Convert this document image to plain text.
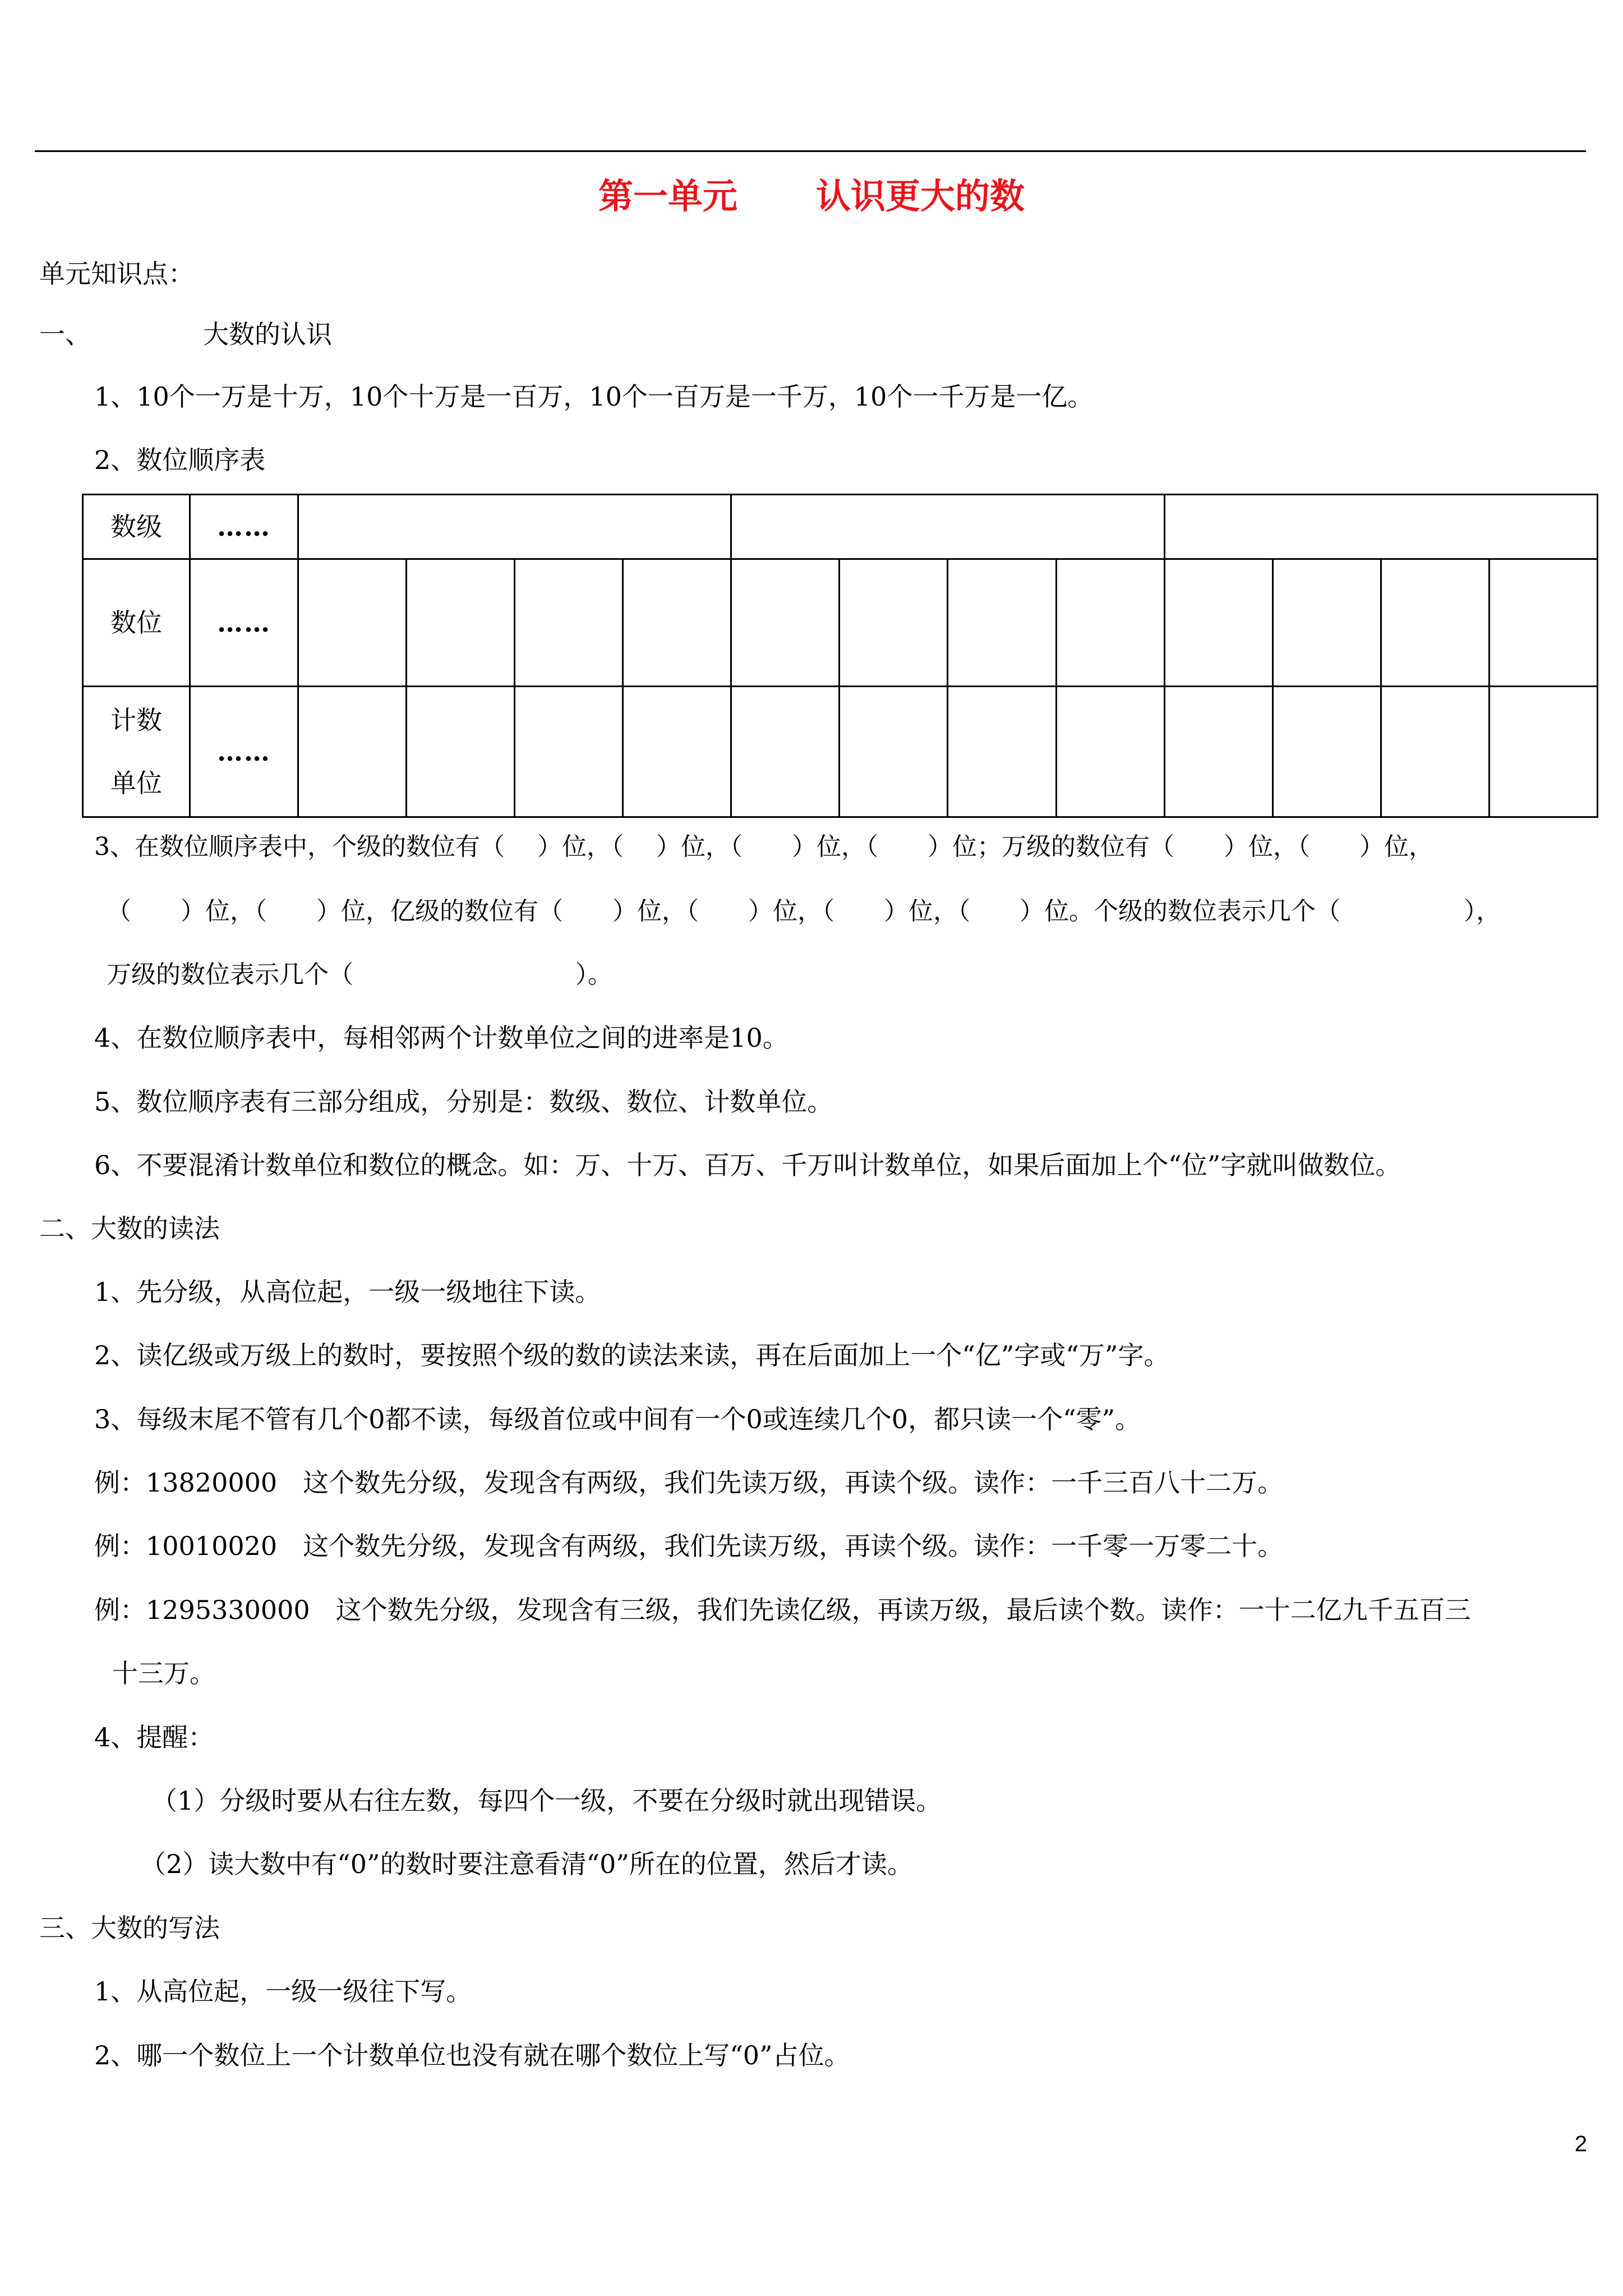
第一单元 认识更大的数
单元知识点：
一、	大数的认识
1、10个一万是十万，10个十万是一百万，10个一百万是一千万，10个一千万是一亿。
2、数位顺序表
数级	……												
数位	……												

计数
单位	……												
3、在数位顺序表中，个级的数位有（　 ）位，（　 ）位，（　　）位，（　　）位；万级的数位有（　　）位，（　　）位，
（　　）位，（　　）位，亿级的数位有（　　）位，（　　）位，（　　）位，（　　）位。个级的数位表示几个（　　　　　），
万级的数位表示几个（　　　　　　　　　）。
4、在数位顺序表中，每相邻两个计数单位之间的进率是10。
5、数位顺序表有三部分组成，分别是：数级、数位、计数单位。
6、不要混淆计数单位和数位的概念。如：万、十万、百万、千万叫计数单位，如果后面加上个“位”字就叫做数位。
二、大数的读法
1、先分级，从高位起，一级一级地往下读。
2、读亿级或万级上的数时，要按照个级的数的读法来读，再在后面加上一个“亿”字或“万”字。
3、每级末尾不管有几个0都不读，每级首位或中间有一个0或连续几个0，都只读一个“零”。
例：13820000　这个数先分级，发现含有两级，我们先读万级，再读个级。读作：一千三百八十二万。
例：10010020　这个数先分级，发现含有两级，我们先读万级，再读个级。读作：一千零一万零二十。
例：1295330000　这个数先分级，发现含有三级，我们先读亿级，再读万级，最后读个数。读作：一十二亿九千五百三
十三万。
4、提醒：
（1）分级时要从右往左数，每四个一级，不要在分级时就出现错误。
（2）读大数中有“0”的数时要注意看清“0”所在的位置，然后才读。
三、大数的写法
1、从高位起，一级一级往下写。
2、哪一个数位上一个计数单位也没有就在哪个数位上写“0”占位。
2
